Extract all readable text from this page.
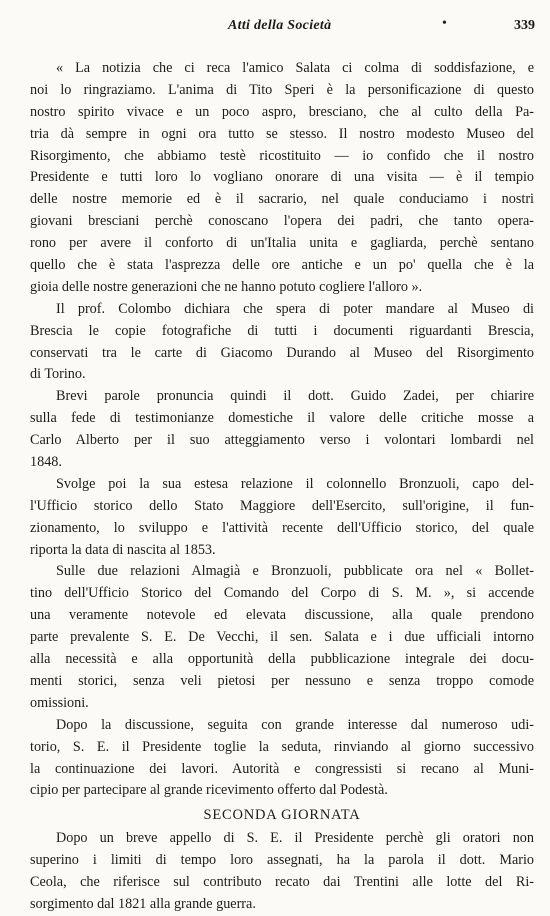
Atti della Società	•	339
« La notizia che ci reca l'amico Salata ci colma di soddisfazione, e
noi lo ringraziamo. L'anima di Tito Speri è la personificazione di questo
nostro spirito vivace e un poco aspro, bresciano, che al culto della Pa-
tria dà sempre in ogni ora tutto se stesso. Il nostro modesto Museo del
Risorgimento, che abbiamo testè ricostituito — io confido che il nostro
Presidente e tutti loro lo vogliano onorare di una visita — è il tempio
delle nostre memorie ed è il sacrario, nel quale conduciamo i nostri
giovani bresciani perchè conoscano l'opera dei padri, che tanto opera-
rono per avere il conforto di un'Italia unita e gagliarda, perchè sentano
quello che è stata l'asprezza delle ore antiche e un po' quella che è la
gioia delle nostre generazioni che ne hanno potuto cogliere l'alloro ».
Il prof. Colombo dichiara che spera di poter mandare al Museo di
Brescia le copie fotografiche di tutti i documenti riguardanti Brescia,
conservati tra le carte di Giacomo Durando al Museo del Risorgimento
di Torino.
Brevi parole pronuncia quindi il dott. Guido Zadei, per chiarire
sulla fede di testimonianze domestiche il valore delle critiche mosse a
Carlo Alberto per il suo atteggiamento verso i volontari lombardi nel
1848.
Svolge poi la sua estesa relazione il colonnello Bronzuoli, capo del-
l'Ufficio storico dello Stato Maggiore dell'Esercito, sull'origine, il fun-
zionamento, lo sviluppo e l'attività recente dell'Ufficio storico, del quale
riporta la data di nascita al 1853.
Sulle due relazioni Almagià e Bronzuoli, pubblicate ora nel « Bollet-
tino dell'Ufficio Storico del Comando del Corpo di S. M. », si accende
una veramente notevole ed elevata discussione, alla quale prendono
parte prevalente S. E. De Vecchi, il sen. Salata e i due ufficiali intorno
alla necessità e alla opportunità della pubblicazione integrale dei docu-
menti storici, senza veli pietosi per nessuno e senza troppo comode
omissioni.
Dopo la discussione, seguita con grande interesse dal numeroso udi-
torio, S. E. il Presidente toglie la seduta, rinviando al giorno successivo
la continuazione dei lavori. Autorità e congressisti si recano al Muni-
cipio per partecipare al grande ricevimento offerto dal Podestà.
SECONDA GIORNATA
Dopo un breve appello di S. E. il Presidente perchè gli oratori non
superino i limiti di tempo loro assegnati, ha la parola il dott. Mario
Ceola, che riferisce sul contributo recato dai Trentini alle lotte del Ri-
sorgimento dal 1821 alla grande guerra.
